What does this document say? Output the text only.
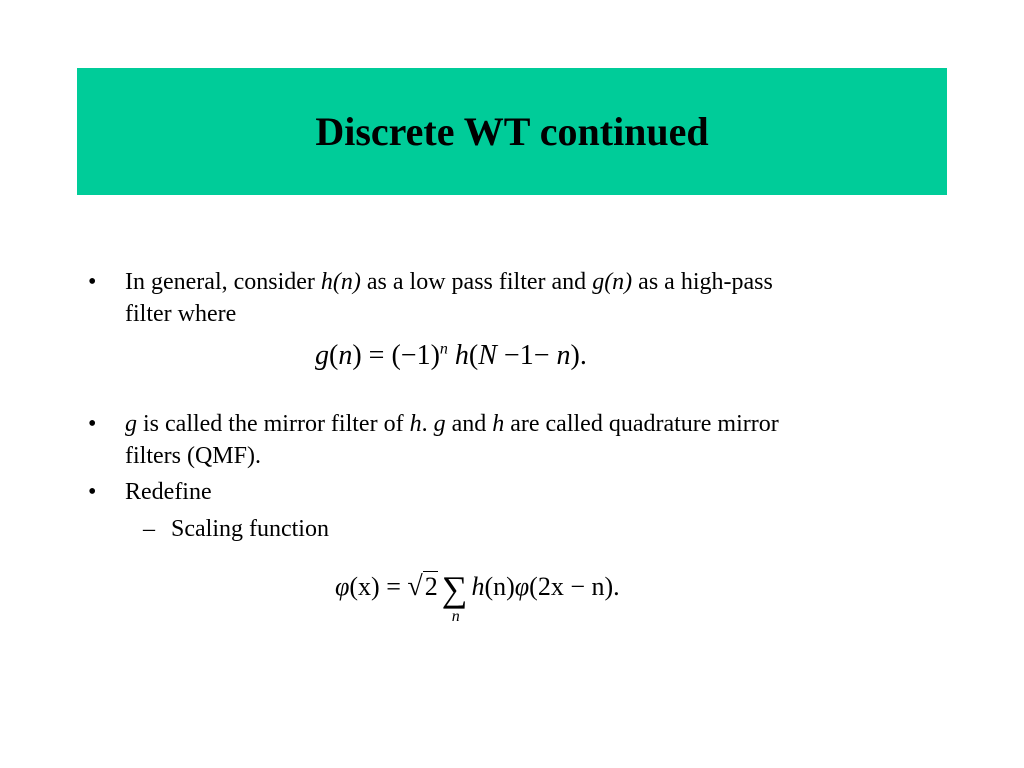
Discrete WT continued
• In general, consider h(n) as a low pass filter and g(n) as a high-pass
filter where
$g(n) = (-1)^n$ h(N −1− n).
• g is called the mirror filter of h. g and h are called quadrature mirror
filters (QMF).
• Redefine
– Scaling function
φ(x) = √2 ∑
n
h(n)φ(2x − n).
